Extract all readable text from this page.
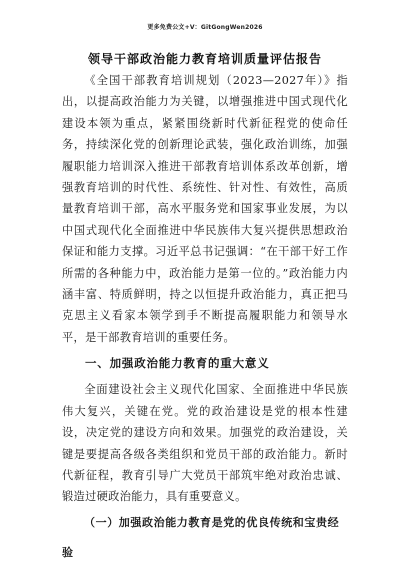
更多免费公文+V：GitGongWen2026
领导干部政治能力教育培训质量评估报告

《全国干部教育培训规划（2023—2027年）》指出，以提高政治能力为关键，以增强推进中国式现代化建设本领为重点，紧紧围绕新时代新征程党的使命任务，持续深化党的创新理论武装，强化政治训练，加强履职能力培训深入推进干部教育培训体系改革创新，增强教育培训的时代性、系统性、针对性、有效性，高质量教育培训干部，高水平服务党和国家事业发展，为以中国式现代化全面推进中华民族伟大复兴提供思想政治保证和能力支撑。习近平总书记强调：“在干部干好工作所需的各种能力中，政治能力是第一位的。”政治能力内涵丰富、特质鲜明，持之以恒提升政治能力，真正把马克思主义看家本领学到手不断提高履职能力和领导水平，是干部教育培训的重要任务。

一、加强政治能力教育的重大意义

全面建设社会主义现代化国家、全面推进中华民族伟大复兴，关键在党。党的政治建设是党的根本性建设，决定党的建设方向和效果。加强党的政治建设，关键是要提高各级各类组织和党员干部的政治能力。新时代新征程，教育引导广大党员干部筑牢绝对政治忠诚、锻造过硬政治能力，具有重要意义。

（一）加强政治能力教育是党的优良传统和宝贵经验
